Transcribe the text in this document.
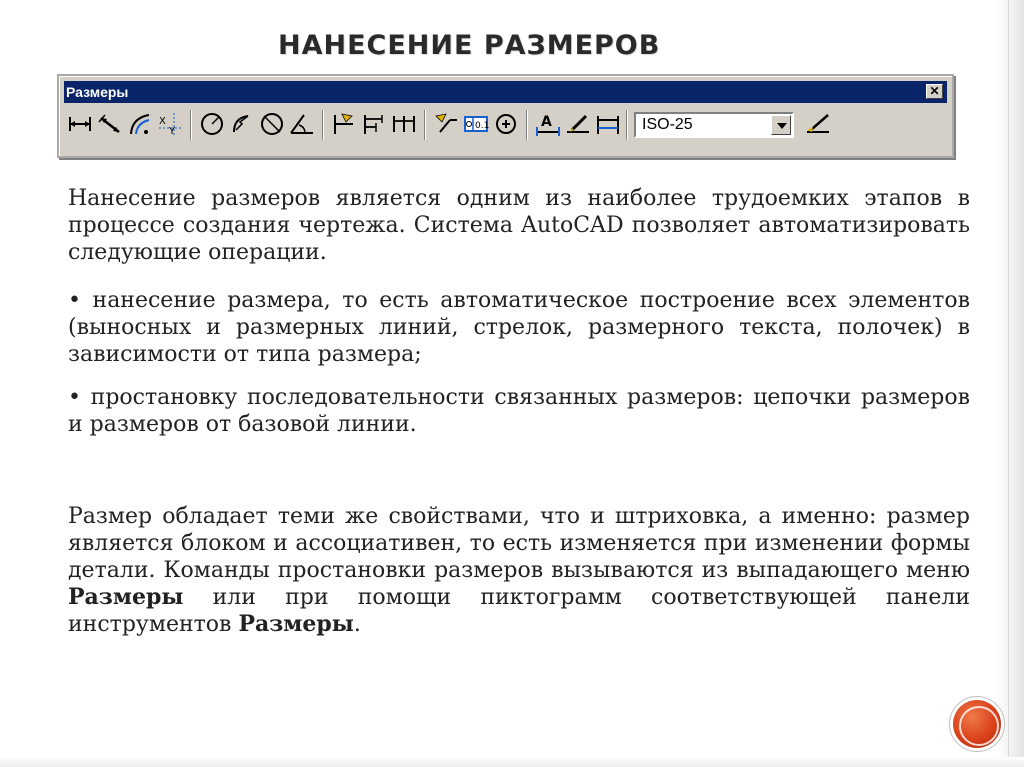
НАНЕСЕНИЕ РАЗМЕРОВ
Размеры	✕
X
Y	0.1	A	ISO-25

Нанесение размеров является одним из наиболее трудоемких этапов в процессе создания чертежа. Система AutoCAD позволяет автоматизировать следующие операции.

• нанесение размера, то есть автоматическое построение всех элементов (выносных и размерных линий, стрелок, размерного текста, полочек) в зависимости от типа размера;

• простановку последовательности связанных размеров: цепочки размеров и размеров от базовой линии.

Размер обладает теми же свойствами, что и штриховка, а именно: размер является блоком и ассоциативен, то есть изменяется при изменении формы детали. Команды простановки размеров вызываются из выпадающего меню Размеры или при помощи пиктограмм соответствующей панели инструментов Размеры.
